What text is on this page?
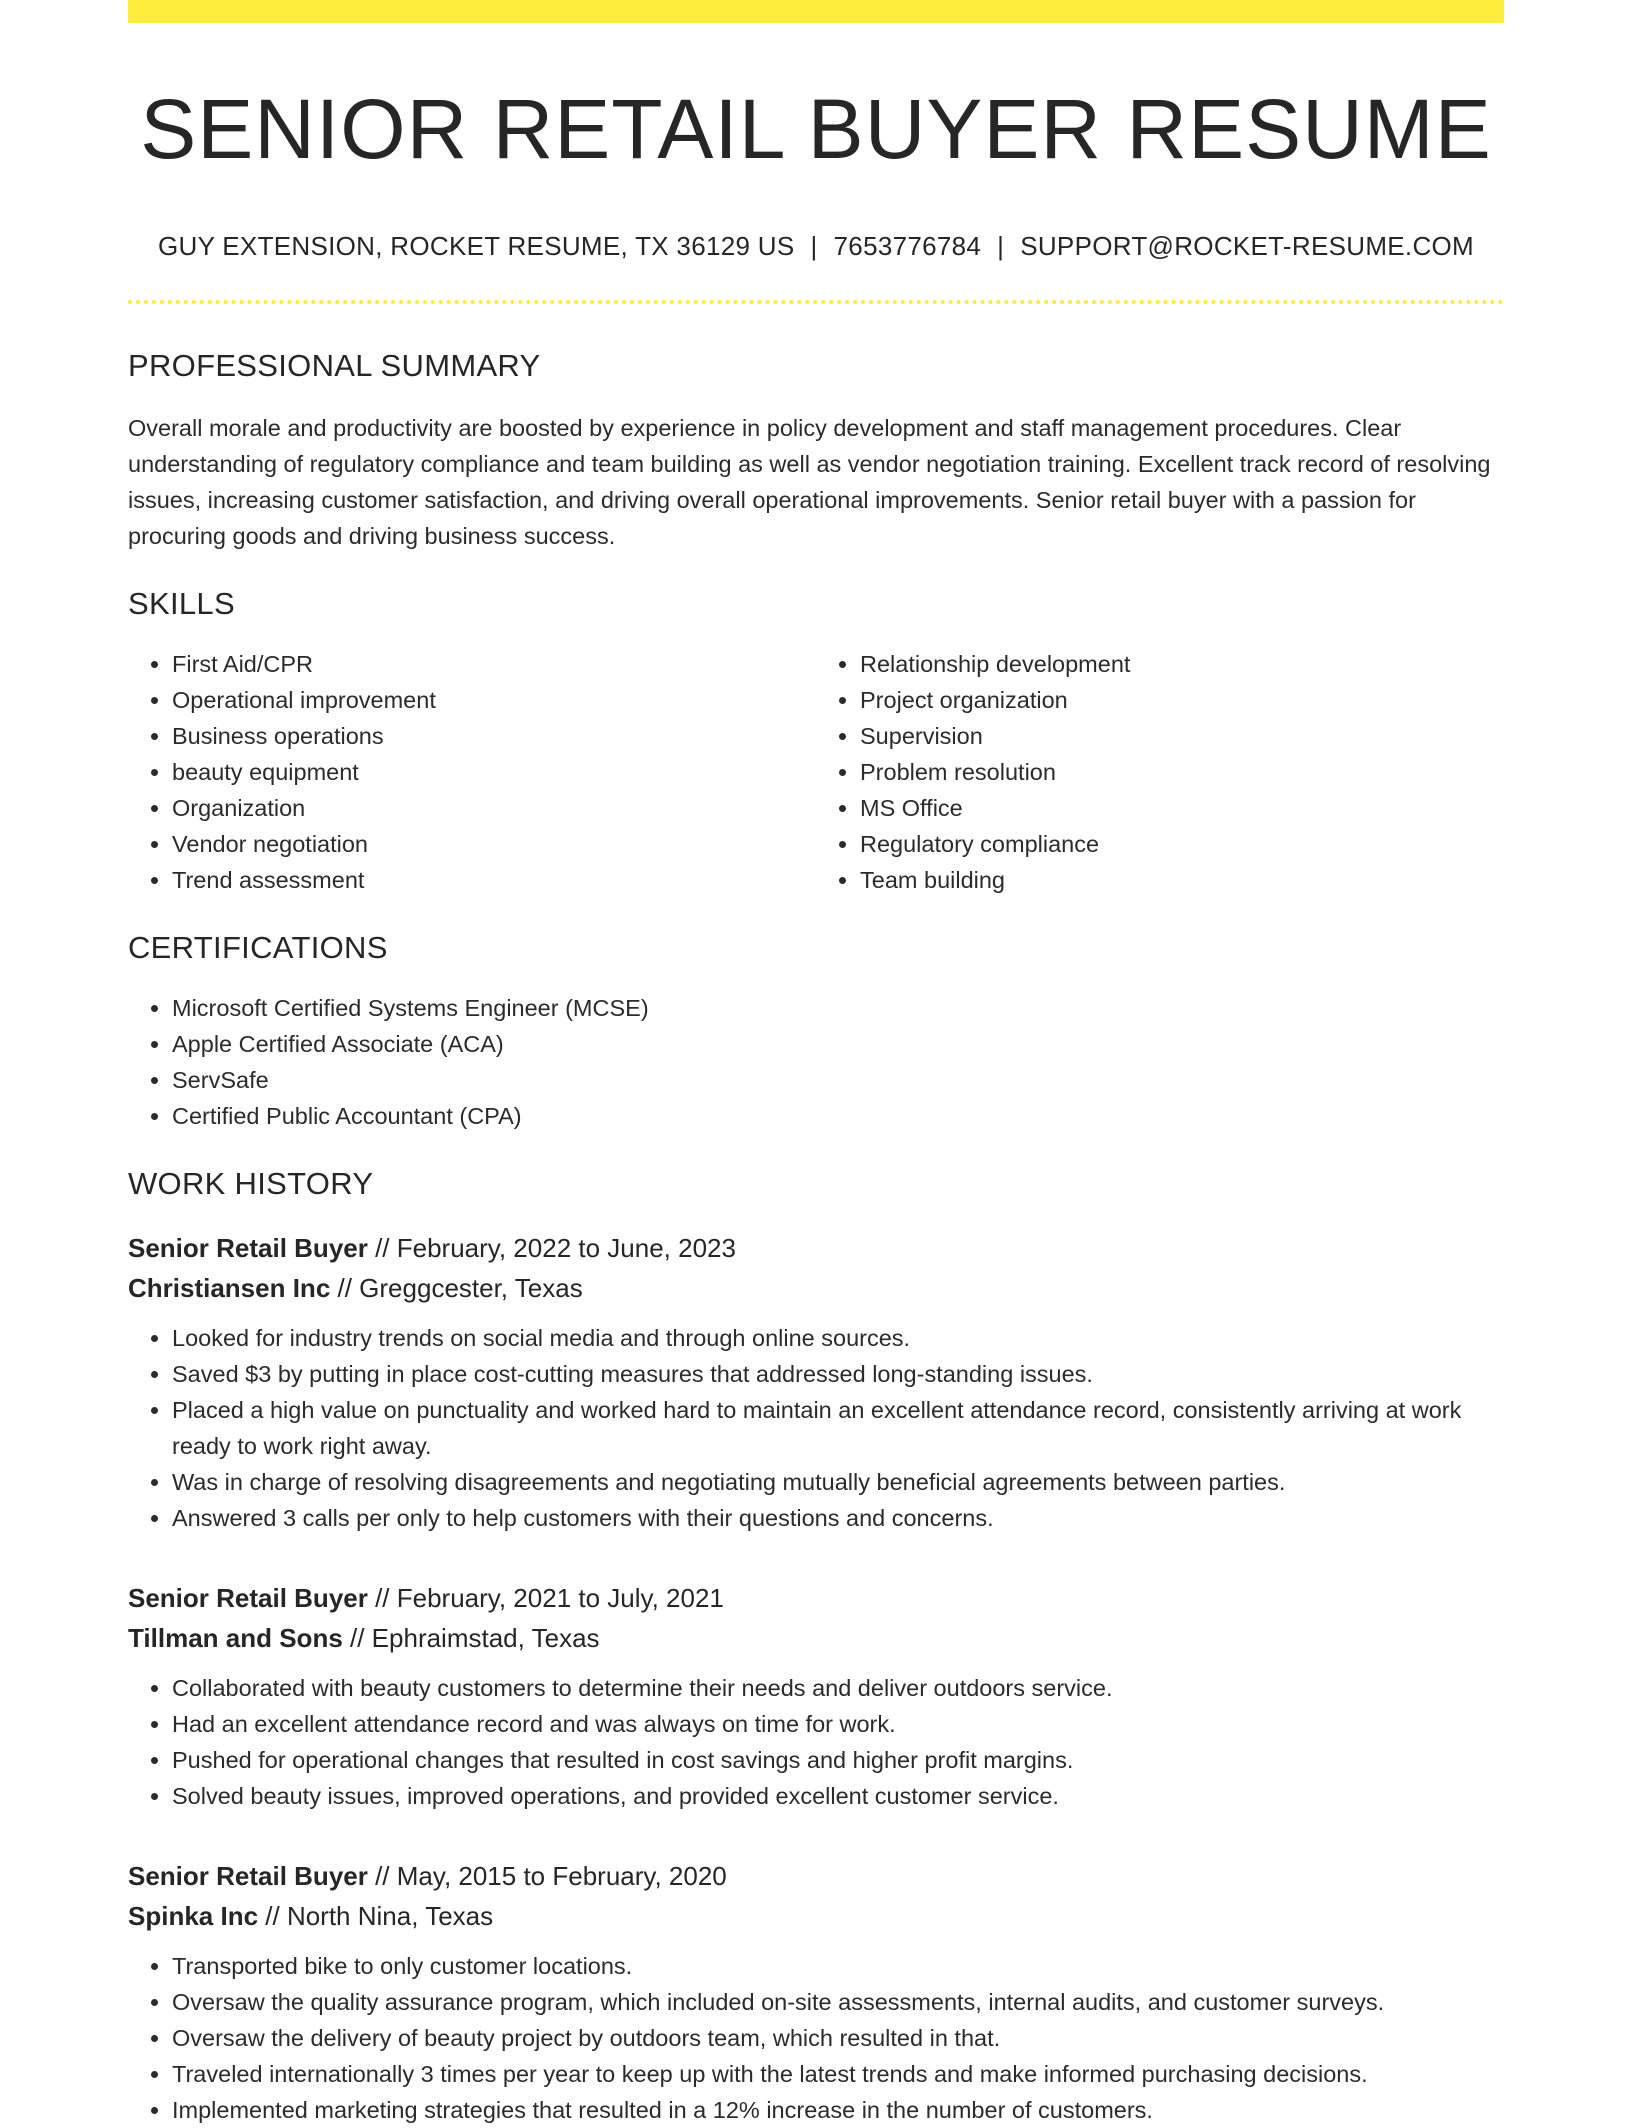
SENIOR RETAIL BUYER RESUME
GUY EXTENSION, ROCKET RESUME, TX 36129 US | 7653776784 | SUPPORT@ROCKET-RESUME.COM
PROFESSIONAL SUMMARY

Overall morale and productivity are boosted by experience in policy development and staff management procedures. Clear understanding of regulatory compliance and team building as well as vendor negotiation training. Excellent track record of resolving issues, increasing customer satisfaction, and driving overall operational improvements. Senior retail buyer with a passion for procuring goods and driving business success.

SKILLS
• First Aid/CPR
• Operational improvement
• Business operations
• beauty equipment
• Organization
• Vendor negotiation
• Trend assessment
• Relationship development
• Project organization
• Supervision
• Problem resolution
• MS Office
• Regulatory compliance
• Team building
CERTIFICATIONS
• Microsoft Certified Systems Engineer (MCSE)
• Apple Certified Associate (ACA)
• ServSafe
• Certified Public Accountant (CPA)
WORK HISTORY
Senior Retail Buyer // February, 2022 to June, 2023
Christiansen Inc // Greggcester, Texas
• Looked for industry trends on social media and through online sources.
• Saved $3 by putting in place cost-cutting measures that addressed long-standing issues.
• Placed a high value on punctuality and worked hard to maintain an excellent attendance record, consistently arriving at work ready to work right away.
• Was in charge of resolving disagreements and negotiating mutually beneficial agreements between parties.
• Answered 3 calls per only to help customers with their questions and concerns.
Senior Retail Buyer // February, 2021 to July, 2021
Tillman and Sons // Ephraimstad, Texas
• Collaborated with beauty customers to determine their needs and deliver outdoors service.
• Had an excellent attendance record and was always on time for work.
• Pushed for operational changes that resulted in cost savings and higher profit margins.
• Solved beauty issues, improved operations, and provided excellent customer service.
Senior Retail Buyer // May, 2015 to February, 2020
Spinka Inc // North Nina, Texas
• Transported bike to only customer locations.
• Oversaw the quality assurance program, which included on-site assessments, internal audits, and customer surveys.
• Oversaw the delivery of beauty project by outdoors team, which resulted in that.
• Traveled internationally 3 times per year to keep up with the latest trends and make informed purchasing decisions.
• Implemented marketing strategies that resulted in a 12% increase in the number of customers.
